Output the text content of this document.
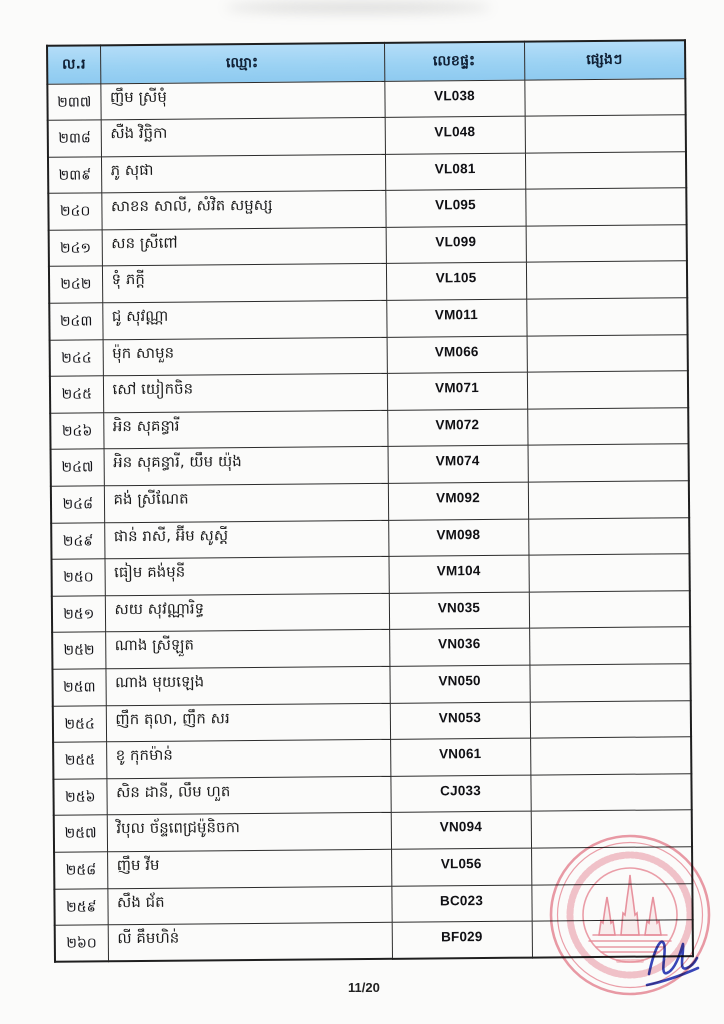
ល.រ	ឈ្មោះ	លេខផ្ទះ	ផ្សេងៗ
២៣៧	ញឹម ស្រីមុំ	VL038	
២៣៨	សឺង វិច្ឆិកា	VL048	
២៣៩	ភូ សុផា	VL081	
២៤០	សាខន សាលី, សំវិត សម្ផស្ស	VL095	
២៤១	សន ស្រីពៅ	VL099	
២៤២	ទុំ ភក្តី	VL105	
២៤៣	ជូ សុវណ្ណា	VM011	
២៤៤	ម៉ុក សាមួន	VM066	
២៤៥	សៅ យៀកចិន	VM071	
២៤៦	អិន សុគន្ធារី	VM072	
២៤៧	អិន សុគន្ធារី, យឹម យ៉ុង	VM074	
២៤៨	គង់ ស្រីណែត	VM092	
២៤៩	ផាន់ រាសី, អ៊ីម សូស្តី	VM098	
២៥០	ធៀម គង់មុនី	VM104	
២៥១	សយ សុវណ្ណារិទ្ធ	VN035	
២៥២	ណាង ស្រីឡួត	VN036	
២៥៣	ណាង មុយឡេង	VN050	
២៥៤	ញឹក តុលា, ញឹក សរ	VN053	
២៥៥	ខូ កុកម៉ាន់	VN061	
២៥៦	សិន ដានី, លឹម ហួត	CJ033	
២៥៧	វិបុល ច័ន្ទពេជ្រម៉ូនិចកា	VN094	
២៥៨	ញឹម វីម	VL056	
២៥៩	សឹង ជ័ត	BC023	
២៦០	លី គឹមហិន់	BF029	
11/20
